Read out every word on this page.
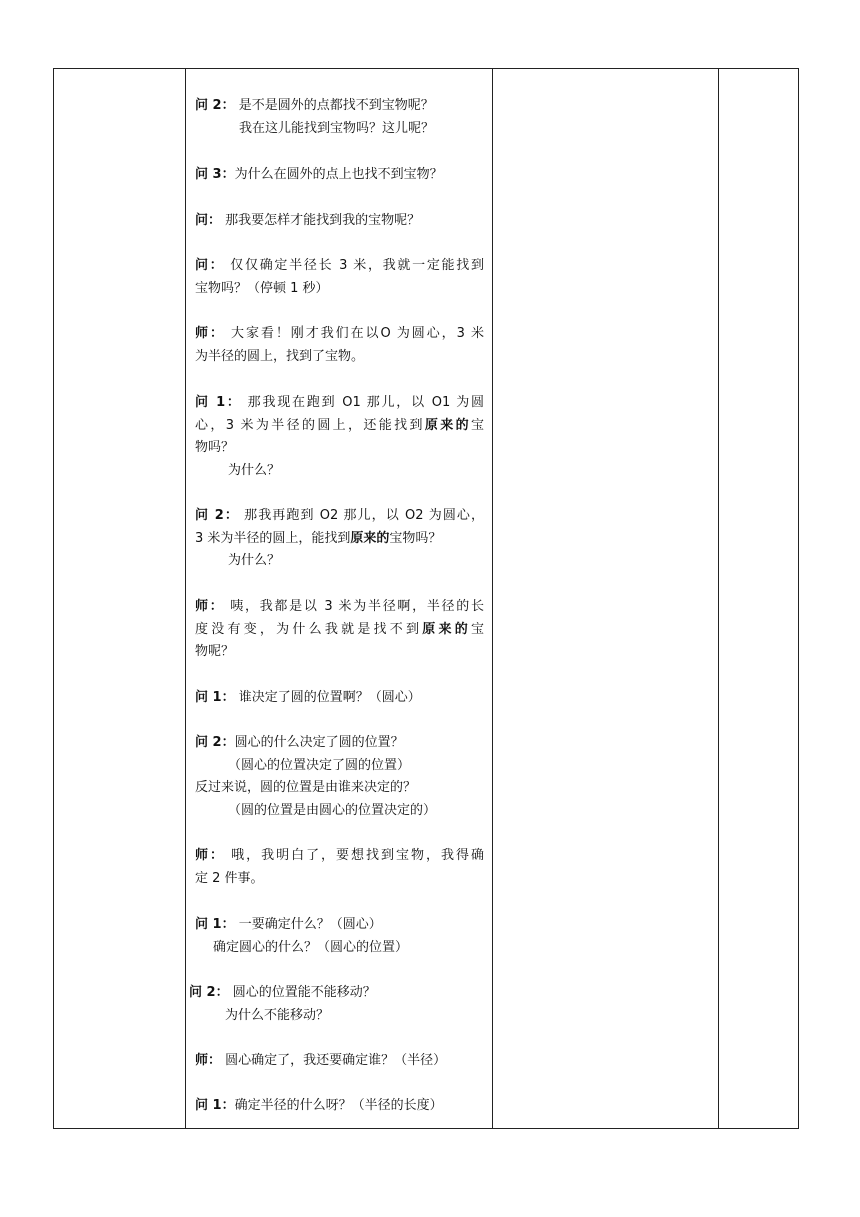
问 2： 是不是圆外的点都找不到宝物呢？
我在这儿能找到宝物吗？这儿呢？
问 3：为什么在圆外的点上也找不到宝物？
问： 那我要怎样才能找到我的宝物呢？
问： 仅仅确定半径长 3 米，我就一定能找到
宝物吗？（停顿 1 秒）
师： 大家看！刚才我们在以O 为圆心，3 米
为半径的圆上，找到了宝物。
问 1： 那我现在跑到 O1 那儿，以 O1 为圆
心，3 米为半径的圆上，还能找到原来的宝
物吗？
为什么？
问 2： 那我再跑到 O2 那儿，以 O2 为圆心，
3 米为半径的圆上，能找到原来的宝物吗？
为什么？
师： 咦，我都是以 3 米为半径啊，半径的长
度没有变，为什么我就是找不到原来的宝
物呢？
问 1： 谁决定了圆的位置啊？（圆心）
问 2：圆心的什么决定了圆的位置？
（圆心的位置决定了圆的位置）
反过来说，圆的位置是由谁来决定的？
（圆的位置是由圆心的位置决定的）
师： 哦，我明白了，要想找到宝物，我得确
定 2 件事。
问 1： 一要确定什么？（圆心）
确定圆心的什么？（圆心的位置）
问 2： 圆心的位置能不能移动？
为什么不能移动？
师： 圆心确定了，我还要确定谁？（半径）
问 1：确定半径的什么呀？（半径的长度）
